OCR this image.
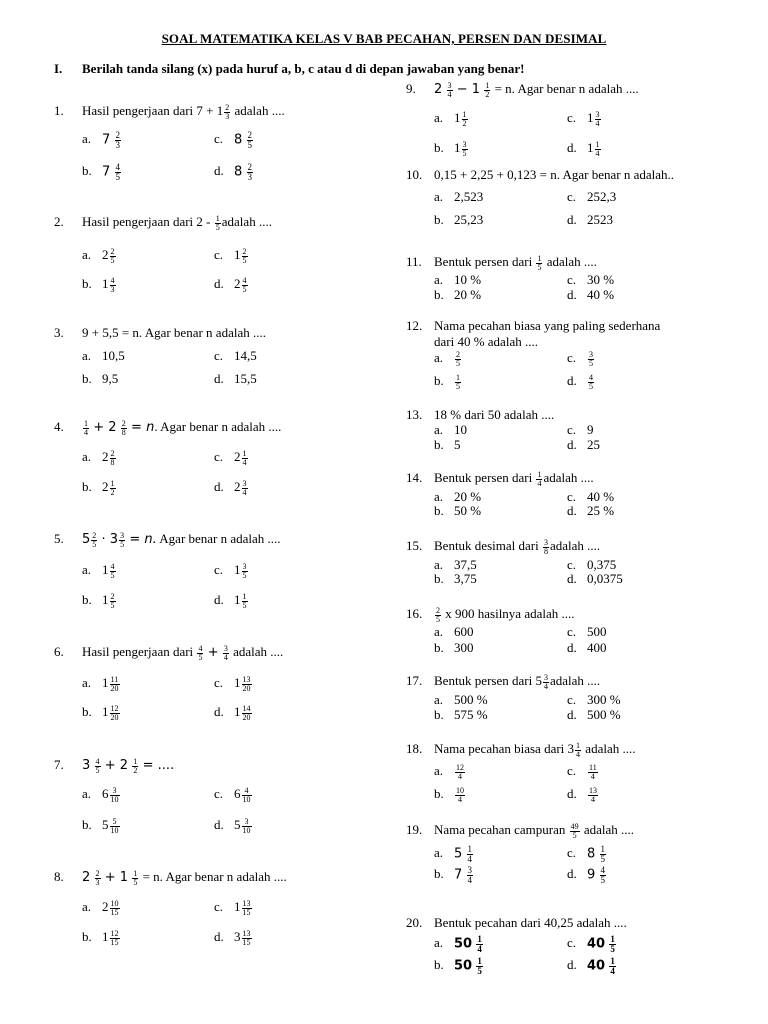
SOAL MATEMATIKA KELAS V BAB PECAHAN, PERSEN DAN DESIMAL
I. Berilah tanda silang (x) pada huruf a, b, c atau d di depan jawaban yang benar!
1. Hasil pengerjaan dari $7 + 1 \frac{2}{3}$ adalah ....
a. $7 \frac{2}{3}$	c. $8 \frac{2}{5}$
b. $7 \frac{4}{5}$	d. $8 \frac{2}{3}$
2. Hasil pengerjaan dari $2 - \frac{1}{5}$ adalah ....
a. $2 \frac{2}{5}$	c. $1 \frac{2}{5}$
b. $1 \frac{4}{3}$	d. $2 \frac{4}{5}$
3. 9 + 5,5 = n. Agar benar n adalah ....
a. 10,5	c. 14,5
b. 9,5	d. 15,5
4. $\frac{1}{4} + 2 \frac{2}{8} = n$. Agar benar n adalah ....
a. $2 \frac{2}{8}$	c. $2 \frac{1}{4}$
b. $2 \frac{1}{2}$	d. $2 \frac{3}{4}$
5. $5 \frac{2}{5} \cdot 3 \frac{3}{5} = n$. Agar benar n adalah ....
a. $1 \frac{4}{5}$	c. $1 \frac{3}{5}$
b. $1 \frac{2}{5}$	d. $1 \frac{1}{5}$
6. Hasil pengerjaan dari $\frac{4}{5} + \frac{3}{4}$ adalah ....
a. $1 \frac{11}{20}$	c. $1 \frac{13}{20}$
b. $1 \frac{12}{20}$	d. $1 \frac{14}{20}$
7. $3 \frac{4}{5} + 2 \frac{1}{2}$ = ....
a. $6 \frac{3}{10}$	c. $6 \frac{4}{10}$
b. $5 \frac{5}{10}$	d. $5 \frac{3}{10}$
8. $2 \frac{2}{3} + 1 \frac{1}{5} = n$. Agar benar n adalah ....
a. $2 \frac{10}{15}$	c. $1 \frac{13}{15}$
b. $1 \frac{12}{15}$	d. $3 \frac{13}{15}$
9. $2 \frac{3}{4} - 1 \frac{1}{2} = n$. Agar benar n adalah ....
a. $1 \frac{1}{2}$	c. $1 \frac{3}{4}$
b. $1 \frac{3}{5}$	d. $1 \frac{1}{4}$
10. 0,15 + 2,25 + 0,123 = n. Agar benar n adalah..
a. 2,523	c. 252,3
b. 25,23	d. 2523
11. Bentuk persen dari $\frac{1}{5}$ adalah ....
a. 10 %	c. 30 %
b. 20 %	d. 40 %
12. Nama pecahan biasa yang paling sederhana
dari 40 % adalah ....
a. $\frac{2}{5}$	c. $\frac{3}{5}$
b. $\frac{1}{5}$	d. $\frac{4}{5}$
13. 18 % dari 50 adalah ....
a. 10	c. 9
b. 5	d. 25
14. Bentuk persen dari $\frac{1}{4}$ adalah ....
a. 20 %	c. 40 %
b. 50 %	d. 25 %
15. Bentuk desimal dari $\frac{3}{8}$ adalah ....
a. 37,5	c. 0,375
b. 3,75	d. 0,0375
16. $\frac{2}{5}$ x 900 hasilnya adalah ....
a. 600	c. 500
b. 300	d. 400
17. Bentuk persen dari $5 \frac{3}{4}$ adalah ....
a. 500 %	c. 300 %
b. 575 %	d. 500 %
18. Nama pecahan biasa dari $3 \frac{1}{4}$ adalah ....
a. $\frac{12}{4}$	c. $\frac{11}{4}$
b. $\frac{10}{4}$	d. $\frac{13}{4}$
19. Nama pecahan campuran $\frac{49}{5}$ adalah ....
a. $5 \frac{1}{4}$	c. $8 \frac{1}{5}$
b. $7 \frac{3}{4}$	d. $9 \frac{4}{5}$
20. Bentuk pecahan dari 40,25 adalah ....
a. $50 \frac{1}{4}$	c. $40 \frac{1}{5}$
b. $50 \frac{1}{5}$	d. $40 \frac{1}{4}$
